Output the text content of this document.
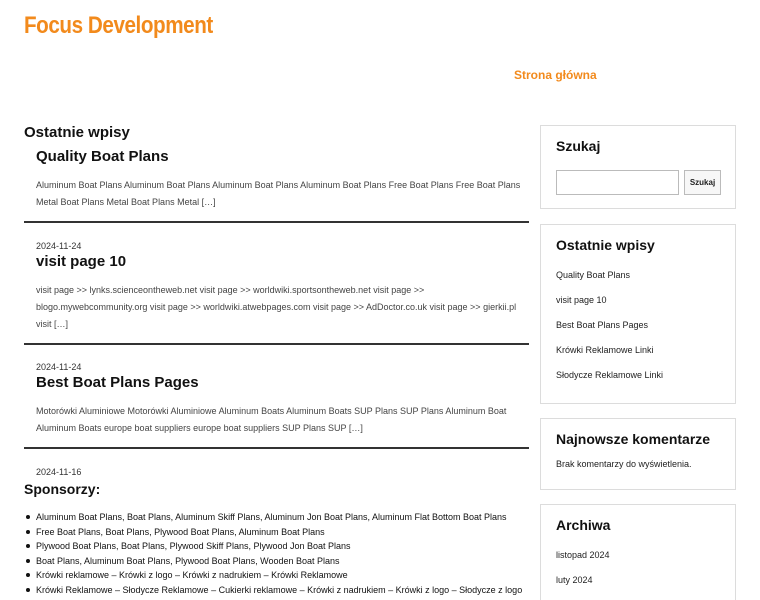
Focus Development
Strona główna
Ostatnie wpisy
Quality Boat Plans
Aluminum Boat Plans Aluminum Boat Plans Aluminum Boat Plans Aluminum Boat Plans Free Boat Plans Free Boat Plans Metal Boat Plans Metal Boat Plans Metal […]
2024-11-24
visit page 10
visit page >> lynks.scienceontheweb.net visit page >> worldwiki.sportsontheweb.net visit page >> blogo.mywebcommunity.org visit page >> worldwiki.atwebpages.com visit page >> AdDoctor.co.uk visit page >> gierkii.pl visit […]
2024-11-24
Best Boat Plans Pages
Motorówki Aluminiowe Motorówki Aluminiowe Aluminum Boats Aluminum Boats SUP Plans SUP Plans Aluminum Boat Aluminum Boats europe boat suppliers europe boat suppliers SUP Plans SUP […]
2024-11-16
Sponsorzy:
Aluminum Boat Plans, Boat Plans, Aluminum Skiff Plans, Aluminum Jon Boat Plans, Aluminum Flat Bottom Boat Plans
Free Boat Plans, Boat Plans, Plywood Boat Plans, Aluminum Boat Plans
Plywood Boat Plans, Boat Plans, Plywood Skiff Plans, Plywood Jon Boat Plans
Boat Plans, Aluminum Boat Plans, Plywood Boat Plans, Wooden Boat Plans
Krówki reklamowe – Krówki z logo – Krówki z nadrukiem – Krówki Reklamowe
Krówki Reklamowe – Słodycze Reklamowe – Cukierki reklamowe – Krówki z nadrukiem – Krówki z logo – Słodycze z logo
Szukaj
Szukaj
Ostatnie wpisy
Quality Boat Plans
visit page 10
Best Boat Plans Pages
Krówki Reklamowe Linki
Słodycze Reklamowe Linki
Najnowsze komentarze
Brak komentarzy do wyświetlenia.
Archiwa
listopad 2024
luty 2024
